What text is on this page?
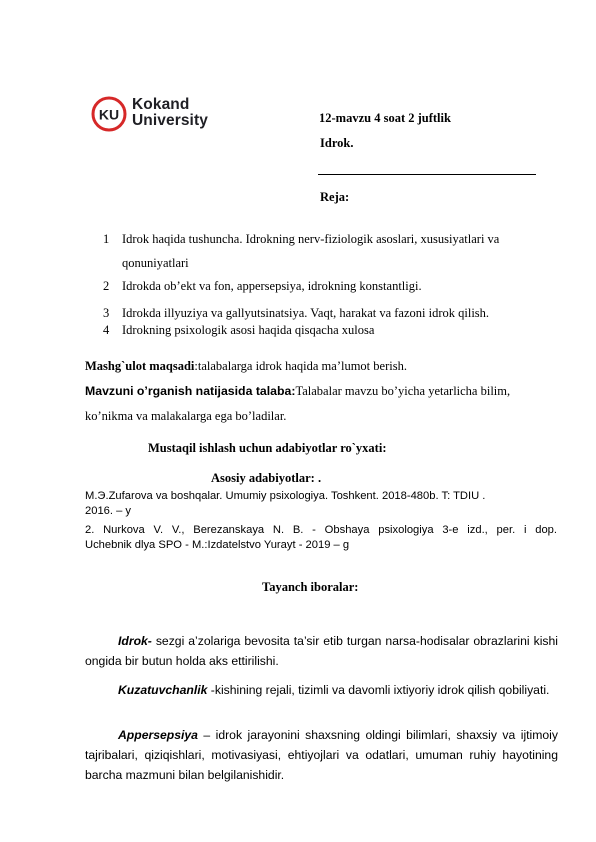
KU
Kokand
University	12-mavzu 4 soat 2 juftlik
Idrok.
Reja:
1 Idrok haqida tushuncha. Idrokning nerv-fiziologik asoslari, xususiyatlari va
qonuniyatlari
2 Idrokda ob’ekt va fon, appersepsiya, idrokning konstantligi.
3 Idrokda illyuziya va gallyutsinatsiya. Vaqt, harakat va fazoni idrok qilish.
4 Idrokning psixologik asosi haqida qisqacha xulosa
Mashg`ulot maqsadi:talabalarga idrok haqida ma’lumot berish.
Mavzuni o’rganish natijasida talaba:Talabalar mavzu bo’yicha yetarlicha bilim,
ko’nikma va malakalarga ega bo’ladilar.
Mustaqil ishlash uchun adabiyotlar ro`yxati:
Asosiy adabiyotlar: .
M.Э.Zufarova va boshqalar. Umumiy psixologiya. Toshkent. 2018-480b. T: TDIU .
2016. – y
2. Nurkova V. V., Berezanskaya N. B. - Obshaya psixologiya 3-e izd., per. i dop.
Uchebnik dlya SPO - M.:Izdatelstvo Yurayt - 2019 – g
Tayanch iboralar:
Idrok- sezgi a’zolariga bevosita ta’sir etib turgan narsa-hodisalar obrazlarini kishi ongida bir butun holda aks ettirilishi.
Kuzatuvchanlik -kishining rejali, tizimli va davomli ixtiyoriy idrok qilish qobiliyati.
Appersepsiya – idrok jarayonini shaxsning oldingi bilimlari, shaxsiy va ijtimoiy tajribalari, qiziqishlari, motivasiyasi, ehtiyojlari va odatlari, umuman ruhiy hayotining barcha mazmuni bilan belgilanishidir.
